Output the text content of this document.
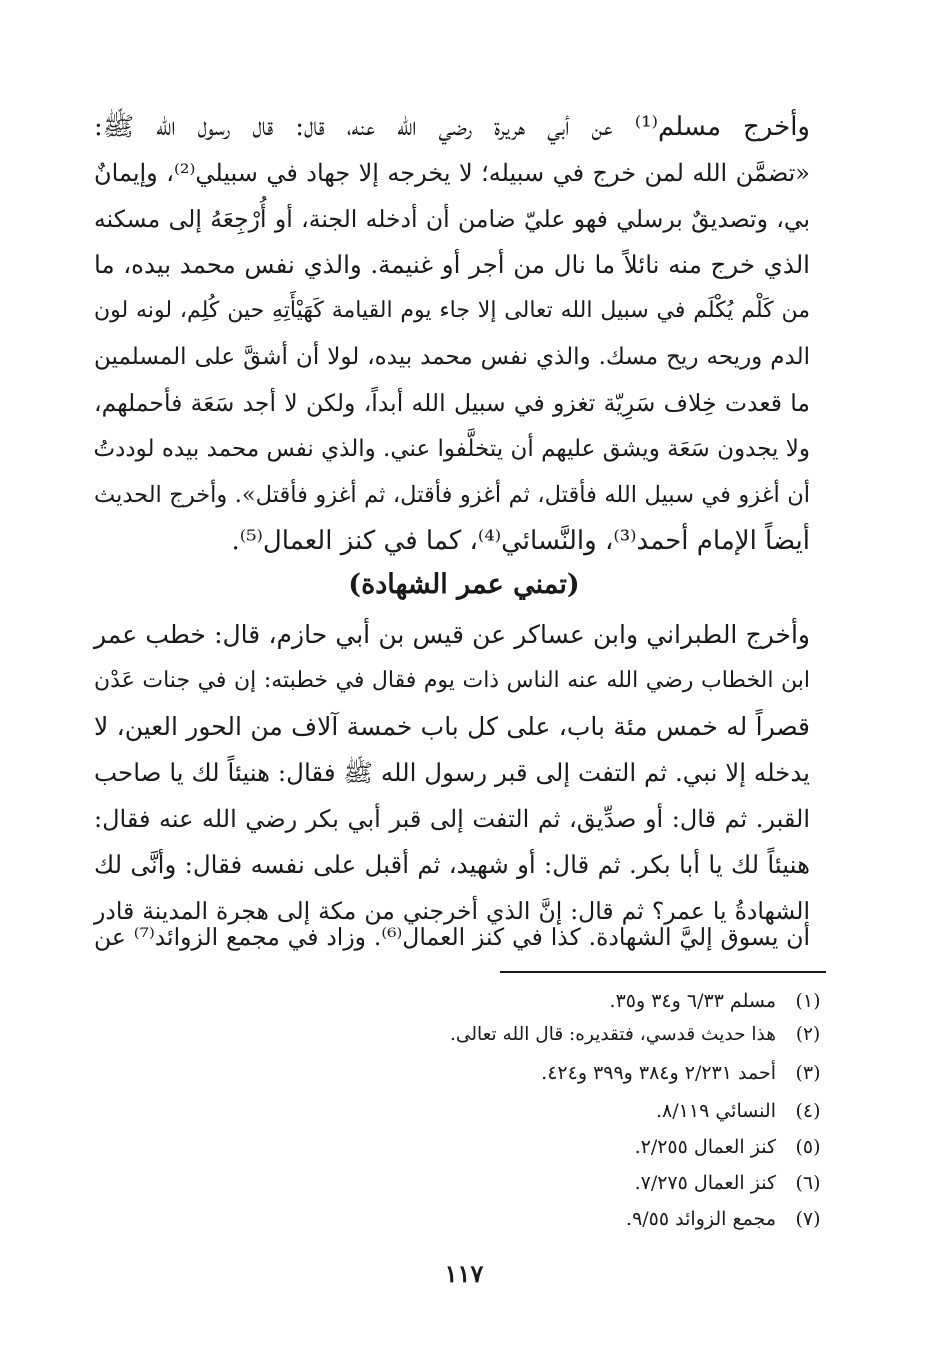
وأخرج مسلم⁽¹⁾ عن أبي هريرة رضي الله عنه، قال: قال رسول الله ﷺ:
«تضمَّن الله لمن خرج في سبيله؛ لا يخرجه إلا جهاد في سبيلي⁽²⁾، وإيمانٌ
بي، وتصديقٌ برسلي فهو عليّ ضامن أن أدخله الجنة، أو أُرْجِعَهُ إلى مسكنه
الذي خرج منه نائلاً ما نال من أجر أو غنيمة. والذي نفس محمد بيده، ما
من كَلْم يُكْلَم في سبيل الله تعالى إلا جاء يوم القيامة كَهَيْأَتِهِ حين كُلِم، لونه لون
الدم وريحه ريح مسك. والذي نفس محمد بيده، لولا أن أشقَّ على المسلمين
ما قعدت خِلاف سَرِيّة تغزو في سبيل الله أبداً، ولكن لا أجد سَعَة فأحملهم،
ولا يجدون سَعَة ويشق عليهم أن يتخلَّفوا عني. والذي نفس محمد بيده لوددتُ
أن أغزو في سبيل الله فأقتل، ثم أغزو فأقتل، ثم أغزو فأقتل». وأخرج الحديث
أيضاً الإمام أحمد⁽³⁾، والنَّسائي⁽⁴⁾، كما في كنز العمال⁽⁵⁾.
(تمني عمر الشهادة)
وأخرج الطبراني وابن عساكر عن قيس بن أبي حازم، قال: خطب عمر
ابن الخطاب رضي الله عنه الناس ذات يوم فقال في خطبته: إن في جنات عَدْن
قصراً له خمس مئة باب، على كل باب خمسة آلاف من الحور العين، لا
يدخله إلا نبي. ثم التفت إلى قبر رسول الله ﷺ فقال: هنيئاً لك يا صاحب
القبر. ثم قال: أو صدِّيق، ثم التفت إلى قبر أبي بكر رضي الله عنه فقال:
هنيئاً لك يا أبا بكر. ثم قال: أو شهيد، ثم أقبل على نفسه فقال: وأنَّى لك
الشهادةُ يا عمر؟ ثم قال: إنَّ الذي أخرجني من مكة إلى هجرة المدينة قادر
أن يسوق إليَّ الشهادة. كذا في كنز العمال⁽⁶⁾. وزاد في مجمع الزوائد⁽⁷⁾ عن
(١)مسلم ٦/٣٣ و٣٤ و٣٥.
(٢)هذا حديث قدسي، فتقديره: قال الله تعالى.
(٣)أحمد ٢/٢٣١ و٣٨٤ و٣٩٩ و٤٢٤.
(٤)النسائي ٨/١١٩.
(٥)كنز العمال ٢/٢٥٥.
(٦)كنز العمال ٧/٢٧٥.
(٧)مجمع الزوائد ٩/٥٥.
١١٧
